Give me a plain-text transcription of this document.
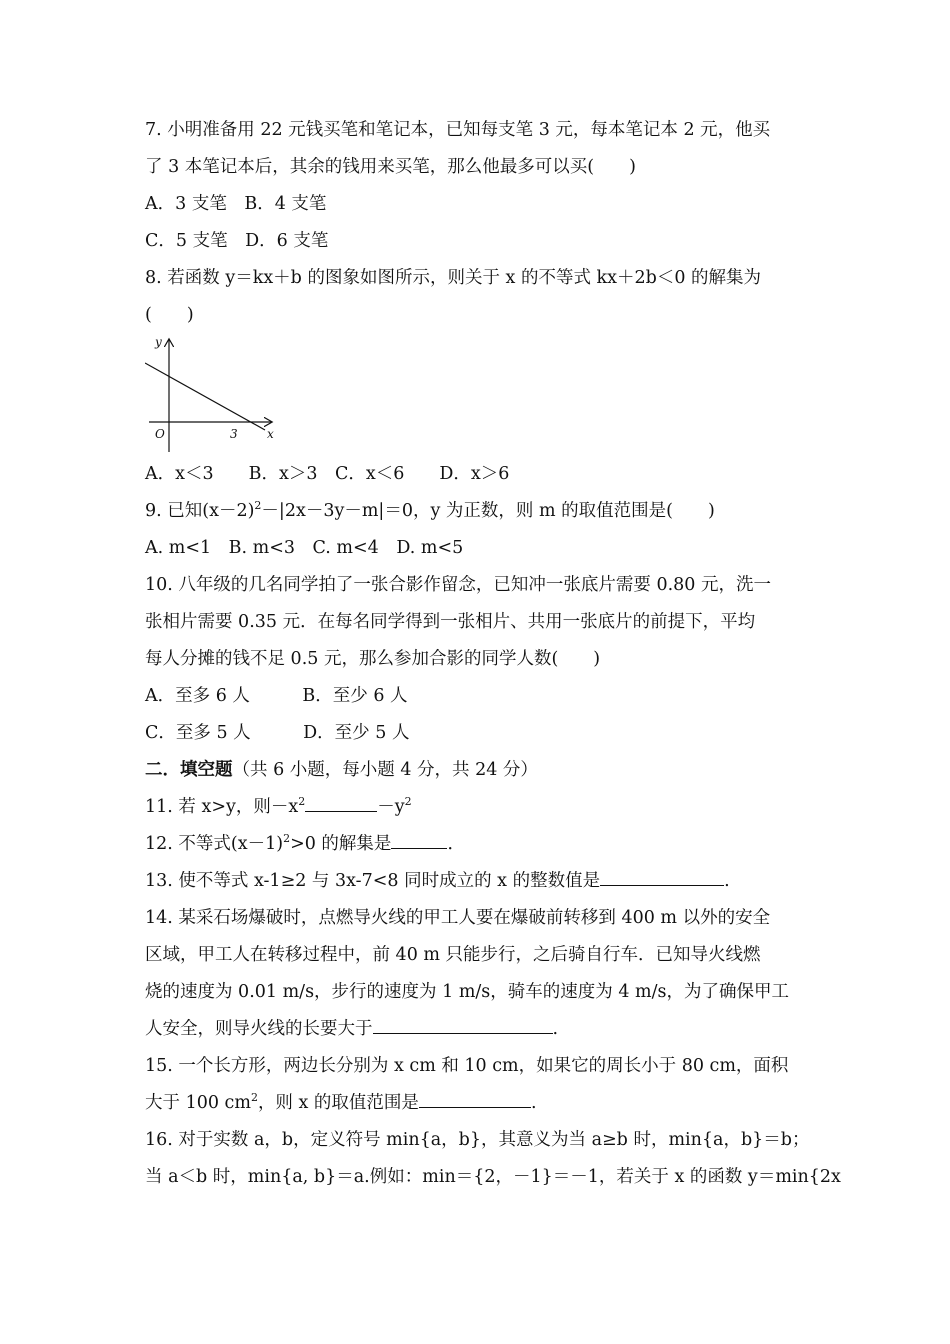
7. 小明准备用 22 元钱买笔和笔记本，已知每支笔 3 元，每本笔记本 2 元，他买
了 3 本笔记本后，其余的钱用来买笔，那么他最多可以买(　　)
A．3 支笔　B．4 支笔
C．5 支笔　D．6 支笔
8. 若函数 y＝kx＋b 的图象如图所示，则关于 x 的不等式 kx＋2b＜0 的解集为
(　　)
y
x
O	3
A．x＜3　　B．x＞3　C．x＜6　　D．x＞6
9. 已知$(x-2)^2-|2x-3y-m|=0$，y 为正数，则 m 的取值范围是(　　)
A. m<1　B. m<3　C. m<4　D. m<5
10. 八年级的几名同学拍了一张合影作留念，已知冲一张底片需要 0.80 元，洗一
张相片需要 0.35 元．在每名同学得到一张相片、共用一张底片的前提下，平均
每人分摊的钱不足 0.5 元，那么参加合影的同学人数(　　)
A．至多 6 人　　　B．至少 6 人
C．至多 5 人　　　D．至少 5 人
二．填空题（共 6 小题，每小题 4 分，共 24 分）
11. 若 x>y，则$-x^2$	$-y^2$
12. 不等式$(x-1)^2>0$ 的解集是	．
13. 使不等式 x-1≥2 与 3x-7<8 同时成立的 x 的整数值是	.
14. 某采石场爆破时，点燃导火线的甲工人要在爆破前转移到 400 m 以外的安全
区域，甲工人在转移过程中，前 40 m 只能步行，之后骑自行车．已知导火线燃
烧的速度为 0.01 m/s，步行的速度为 1 m/s，骑车的速度为 4 m/s，为了确保甲工
人安全，则导火线的长要大于	.
15. 一个长方形，两边长分别为 x cm 和 10 cm，如果它的周长小于 80 cm，面积
大于 100 $cm^2$，则 x 的取值范围是	.
16. 对于实数 a，b，定义符号 min{a，b}，其意义为当 a≥b 时，min{a，b}＝b；
当 a＜b 时，min{a, b}＝a.例如：min＝{2，－1}＝－1，若关于 x 的函数 y＝min{2x
